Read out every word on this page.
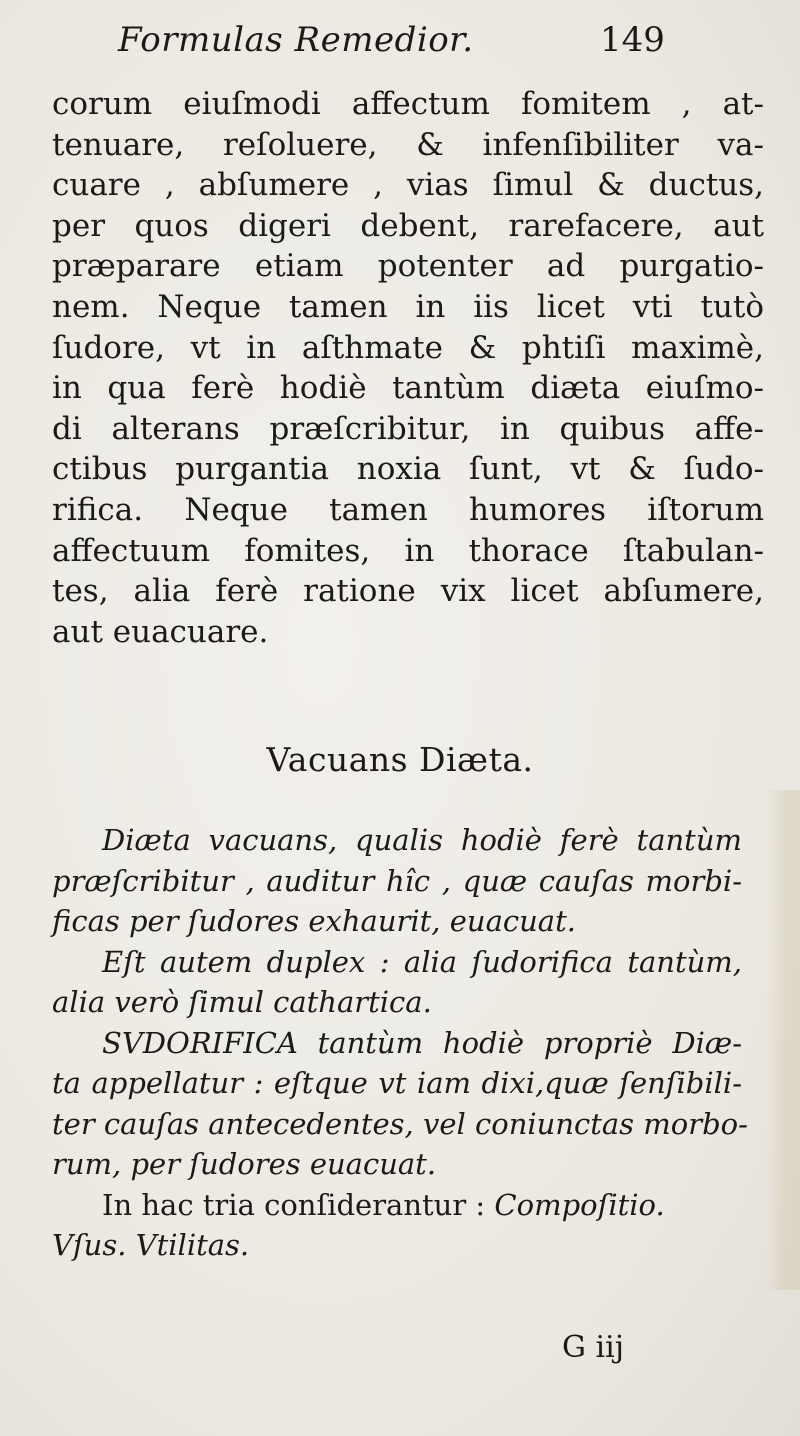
Formulas Remedior.	149
corum eiuſmodi affectum fomitem , at-
tenuare, reſoluere, & infenſibiliter va-
cuare , abſumere , vias ſimul & ductus,
per quos digeri debent, rarefacere, aut
præparare etiam potenter ad purgatio-
nem. Neque tamen in iis licet vti tutò
ſudore, vt in aſthmate & phtiſi maximè,
in qua ferè hodiè tantùm diæta eiuſmo-
di alterans præſcribitur, in quibus affe-
ctibus purgantia noxia ſunt, vt & ſudo-
rifica. Neque tamen humores iſtorum
affectuum fomites, in thorace ſtabulan-
tes, alia ferè ratione vix licet abſumere,
aut euacuare.
Vacuans Diæta.
Diæta vacuans, qualis hodiè ferè tantùm
præſcribitur , auditur hîc , quæ cauſas morbi-
ficas per ſudores exhaurit, euacuat.
Eſt autem duplex : alia ſudorifica tantùm,
alia verò ſimul cathartica.
SVDORIFICA tantùm hodiè propriè Diæ-
ta appellatur : eſtque vt iam dixi,quæ ſenſibili-
ter cauſas antecedentes, vel coniunctas morbo-
rum, per ſudores euacuat.
In hac tria conſiderantur : Compoſitio.
Vſus. Vtilitas.
G iij
